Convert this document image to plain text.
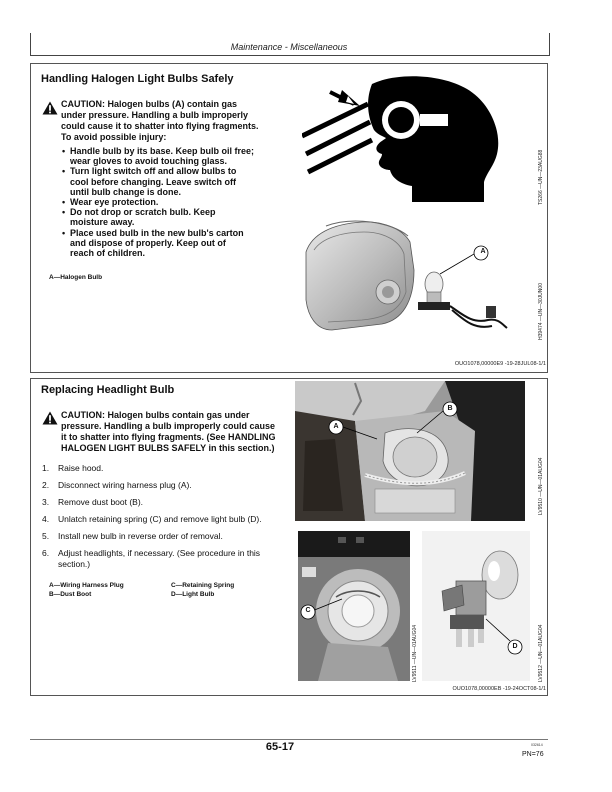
Maintenance - Miscellaneous
Handling Halogen Light Bulbs Safely
CAUTION: Halogen bulbs (A) contain gas
under pressure. Handling a bulb improperly
could cause it to shatter into flying fragments.
To avoid possible injury:
• Handle bulb by its base. Keep bulb oil free;
wear gloves to avoid touching glass.
• Turn light switch off and allow bulbs to
cool before changing. Leave switch off
until bulb change is done.
• Wear eye protection.
• Do not drop or scratch bulb. Keep
moisture away.
• Place used bulb in the new bulb's carton
and dispose of properly. Keep out of
reach of children.
A—Halogen Bulb
TS266 —UN—23AUG88
A
H39474 —UN—30JUN00
OUO1078,00000E9 -19-28JUL08-1/1
Replacing Headlight Bulb
CAUTION: Halogen bulbs contain gas under
pressure. Handling a bulb improperly could cause
it to shatter into flying fragments. (See HANDLING
HALOGEN LIGHT BULBS SAFELY in this section.)
1. Raise hood.
2. Disconnect wiring harness plug (A).
3. Remove dust boot (B).
4. Unlatch retaining spring (C) and remove light bulb (D).
5. Install new bulb in reverse order of removal.
6. Adjust headlights, if necessary. (See procedure in this
section.)
A—Wiring Harness Plug
B—Dust Boot
C—Retaining Spring
D—Light Bulb
A
B
LV9510 —UN—01AUG04
C
LV9511 —UN—01AUG04	D	LV9512 —UN—01AUG04
OUO1078,00000EB -19-24OCT08-1/1
65-17	032614
PN=76
